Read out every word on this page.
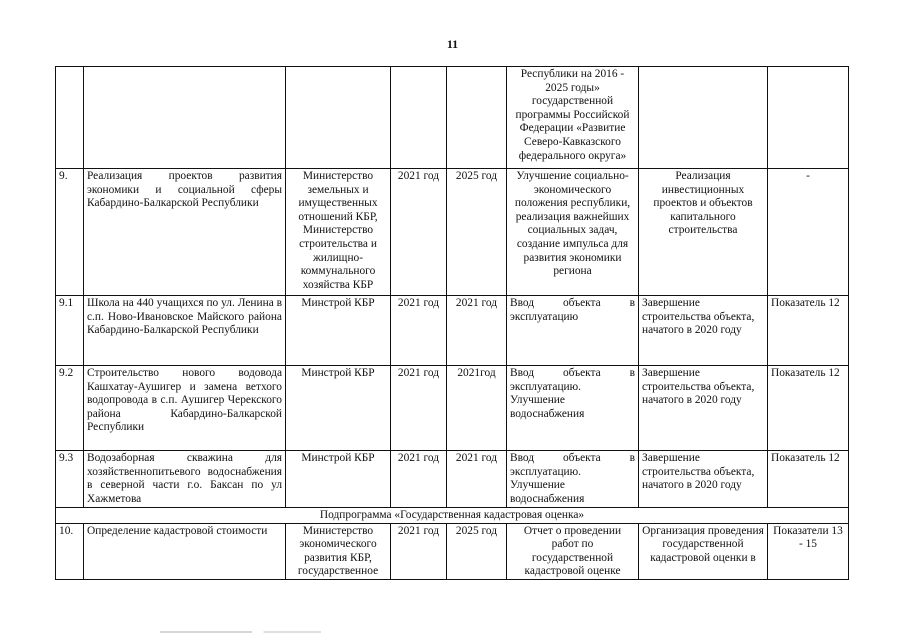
11
					Республики на 2016 - 2025 годы» государственной программы Российской Федерации «Развитие Северо-Кавказского федерального округа»		
9.	Реализация проектов развития экономики и социальной сферы Кабардино-Балкарской Республики	Министерство земельных и имущественных отношений КБР, Министерство строительства и жилищно-коммунального хозяйства КБР	2021 год	2025 год	Улучшение социально-экономического положения республики, реализация важнейших социальных задач, создание импульса для развития экономики региона	Реализация инвестиционных проектов и объектов капитального строительства	-
9.1	Школа на 440 учащихся по ул. Ленина в с.п. Ново-Ивановское Майского района Кабардино-Балкарской Республики	Минстрой КБР	2021 год	2021 год	Ввод объекта в эксплуатацию	Завершение строительства объекта, начатого в 2020 году	Показатель 12
9.2	Строительство нового водовода Кашхатау-Аушигер и замена ветхого водопровода в с.п. Аушигер Черекского района Кабардино-Балкарской Республики	Минстрой КБР	2021 год	2021год	Ввод объекта в эксплуатацию. Улучшение водоснабжения	Завершение строительства объекта, начатого в 2020 году	Показатель 12
9.3	Водозаборная скважина для хозяйственнопитьевого водоснабжения в северной части г.о. Баксан по ул Хажметова	Минстрой КБР	2021 год	2021 год	Ввод объекта в эксплуатацию. Улучшение водоснабжения	Завершение строительства объекта, начатого в 2020 году	Показатель 12
Подпрограмма «Государственная кадастровая оценка»							
10.	Определение кадастровой стоимости	Министерство экономического развития КБР, государственное	2021 год	2025 год	Отчет о проведении работ по государственной кадастровой оценке	Организация проведения государственной кадастровой оценки в	Показатели 13 - 15
